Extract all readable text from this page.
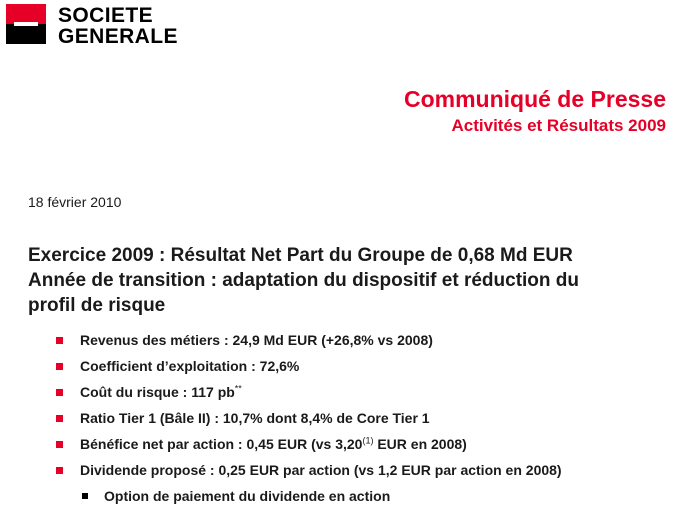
SOCIETE
GENERALE
Communiqué de Presse
Activités et Résultats 2009
18 février 2010
Exercice 2009 : Résultat Net Part du Groupe de 0,68 Md EUR
Année de transition : adaptation du dispositif et réduction du
profil de risque
Revenus des métiers : 24,9 Md EUR (+26,8% vs 2008)
Coefficient d’exploitation : 72,6%
Coût du risque : 117 pb**
Ratio Tier 1 (Bâle II) : 10,7% dont 8,4% de Core Tier 1
Bénéfice net par action : 0,45 EUR (vs 3,20$^{(1)}$ EUR en 2008)
Dividende proposé : 0,25 EUR par action (vs 1,2 EUR par action en 2008)
Option de paiement du dividende en action
